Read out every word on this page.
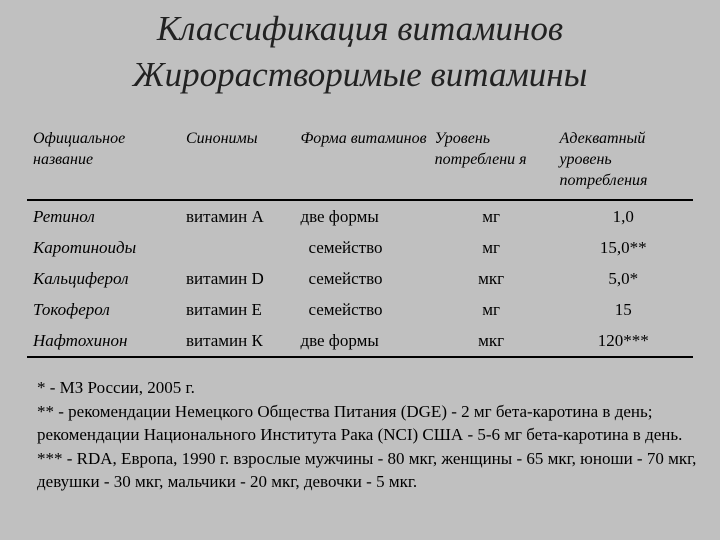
Классификация витаминов
Жирорастворимые витамины
Официальное название	Синонимы	Форма витаминов	Уровень потреблени я	Адекватный уровень потребления
Ретинол	витамин А	две формы	мг	1,0
Каротиноиды		семейство	мг	15,0**
Кальциферол	витамин D	семейство	мкг	5,0*
Токоферол	витамин Е	семейство	мг	15
Нафтохинон	витамин К	две формы	мкг	120***
* - МЗ России, 2005 г.
** - рекомендации Немецкого Общества Питания (DGE) - 2 мг бета-каротина в день; рекомендации Национального Института Рака (NCI) США - 5-6 мг бета-каротина в день.
*** - RDA, Европа, 1990 г. взрослые мужчины - 80 мкг, женщины - 65 мкг, юноши - 70 мкг, девушки - 30 мкг, мальчики - 20 мкг, девочки - 5 мкг.
